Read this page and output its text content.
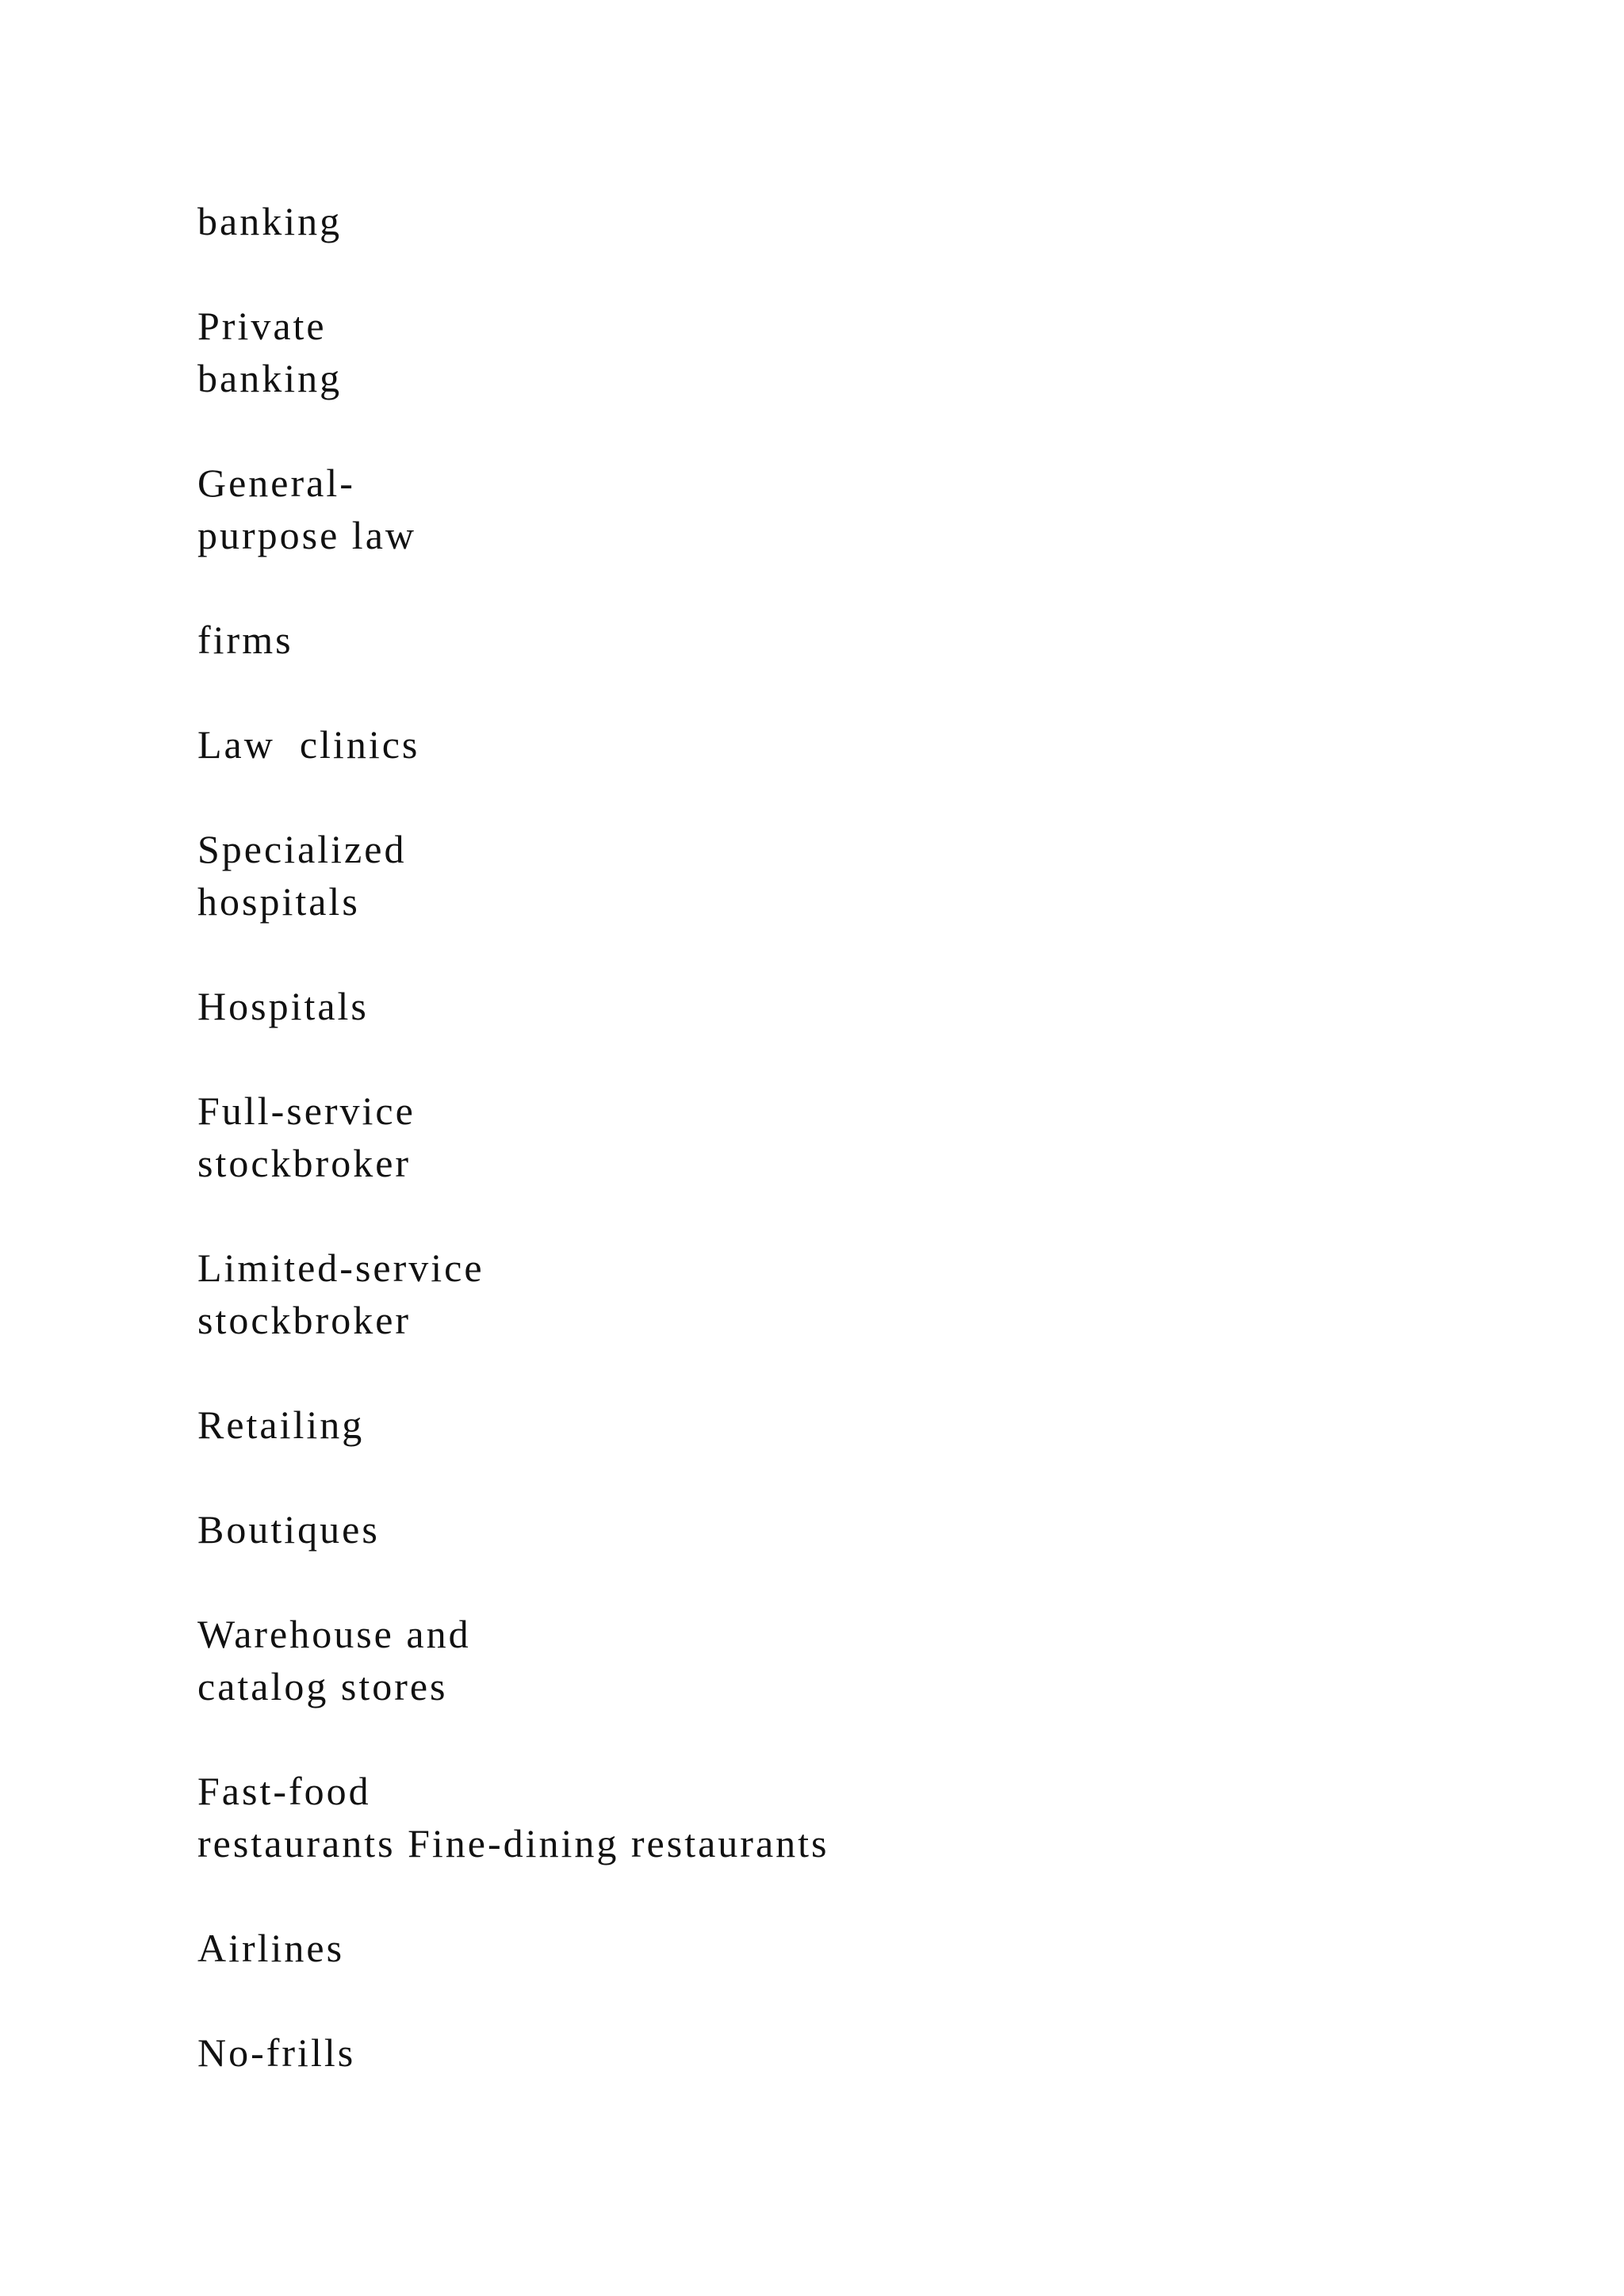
banking
Private
banking
General-
purpose law
firms
Law  clinics
Specialized
hospitals
Hospitals
Full-service
stockbroker
Limited-service
stockbroker
Retailing
Boutiques
Warehouse and
catalog stores
Fast-food
restaurants Fine-dining restaurants
Airlines
No-frills
